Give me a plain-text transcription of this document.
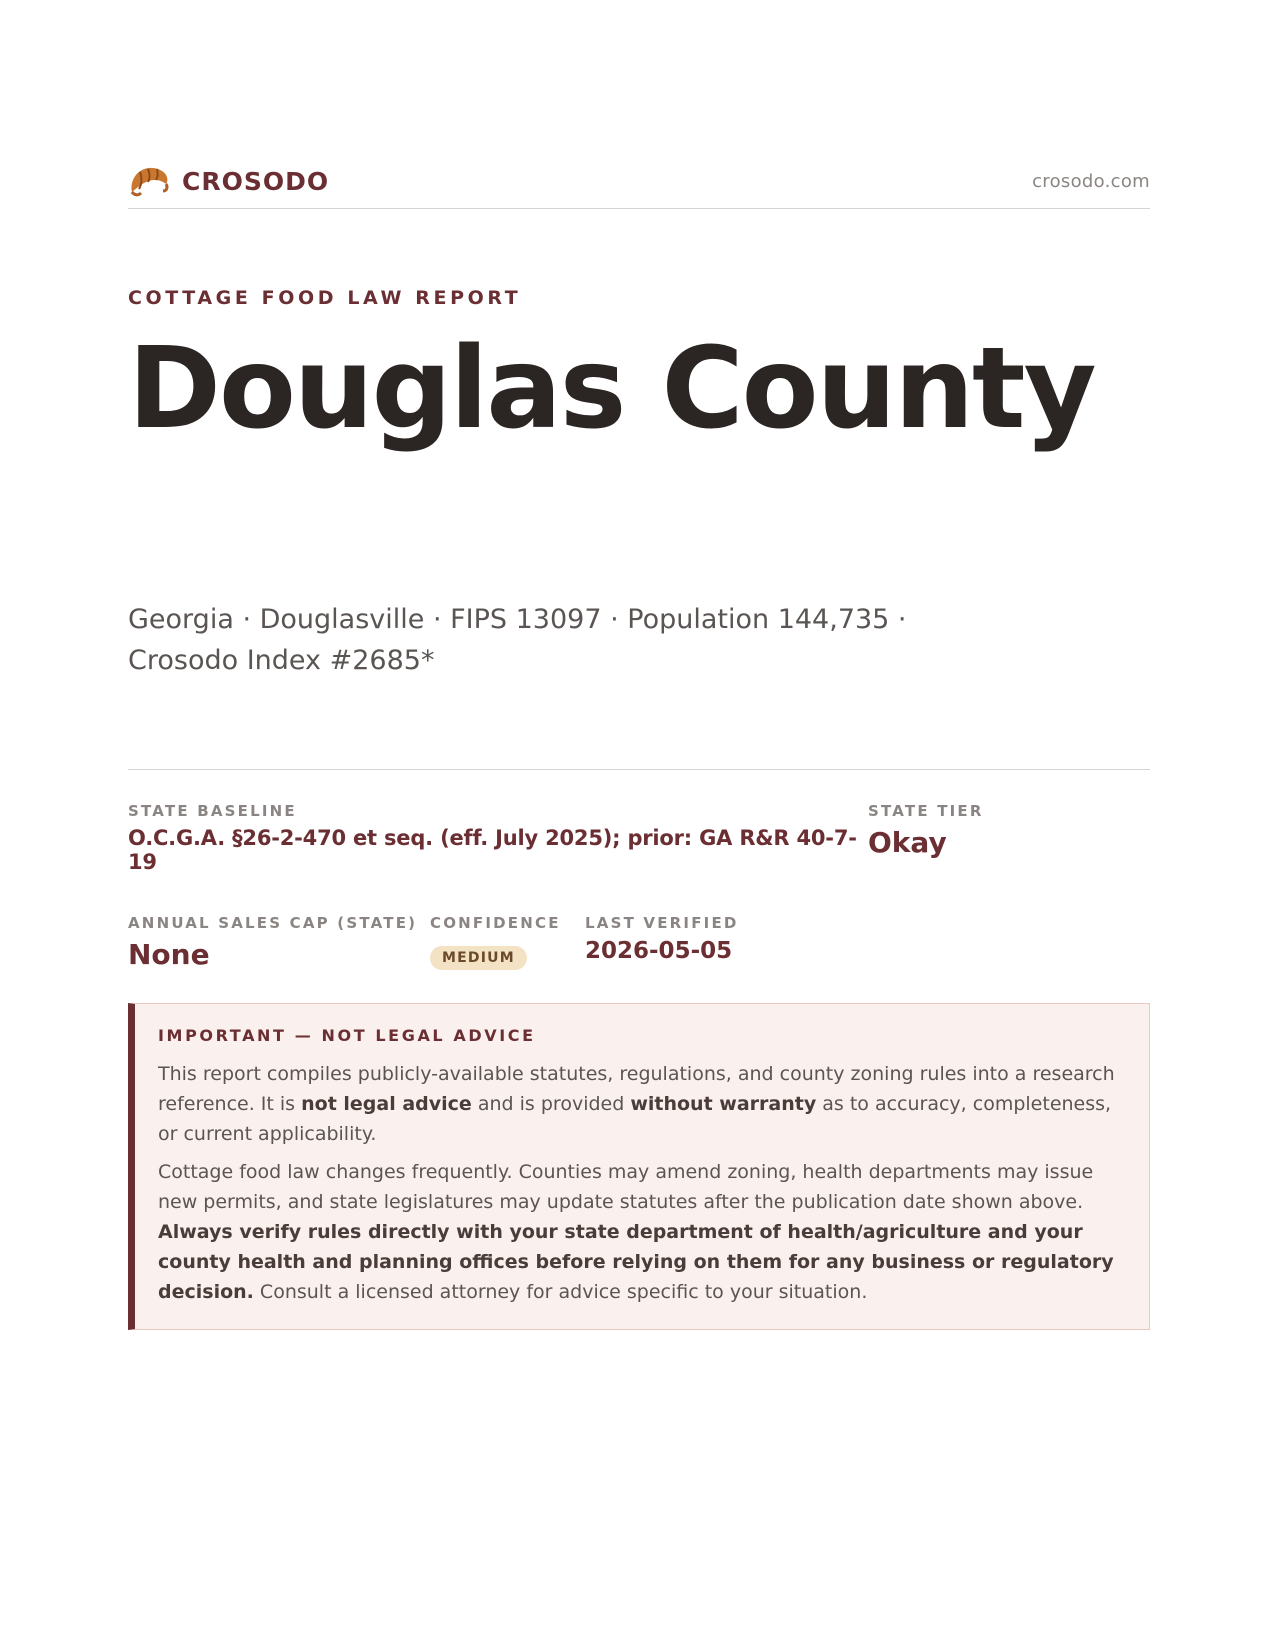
CROSODO	crosodo.com
COTTAGE FOOD LAW REPORT
Douglas County
Georgia · Douglasville · FIPS 13097 · Population 144,735 ·
Crosodo Index #2685*
STATE BASELINE
O.C.G.A. §26-2-470 et seq. (eff. July 2025); prior: GA R&R 40-7-19
STATE TIER
Okay
ANNUAL SALES CAP (STATE)
None
CONFIDENCE
MEDIUM
LAST VERIFIED
2026-05-05
IMPORTANT — NOT LEGAL ADVICE

This report compiles publicly-available statutes, regulations, and county zoning rules into a research reference. It is not legal advice and is provided without warranty as to accuracy, completeness, or current applicability.

Cottage food law changes frequently. Counties may amend zoning, health departments may issue new permits, and state legislatures may update statutes after the publication date shown above. Always verify rules directly with your state department of health/agriculture and your county health and planning offices before relying on them for any business or regulatory decision. Consult a licensed attorney for advice specific to your situation.
